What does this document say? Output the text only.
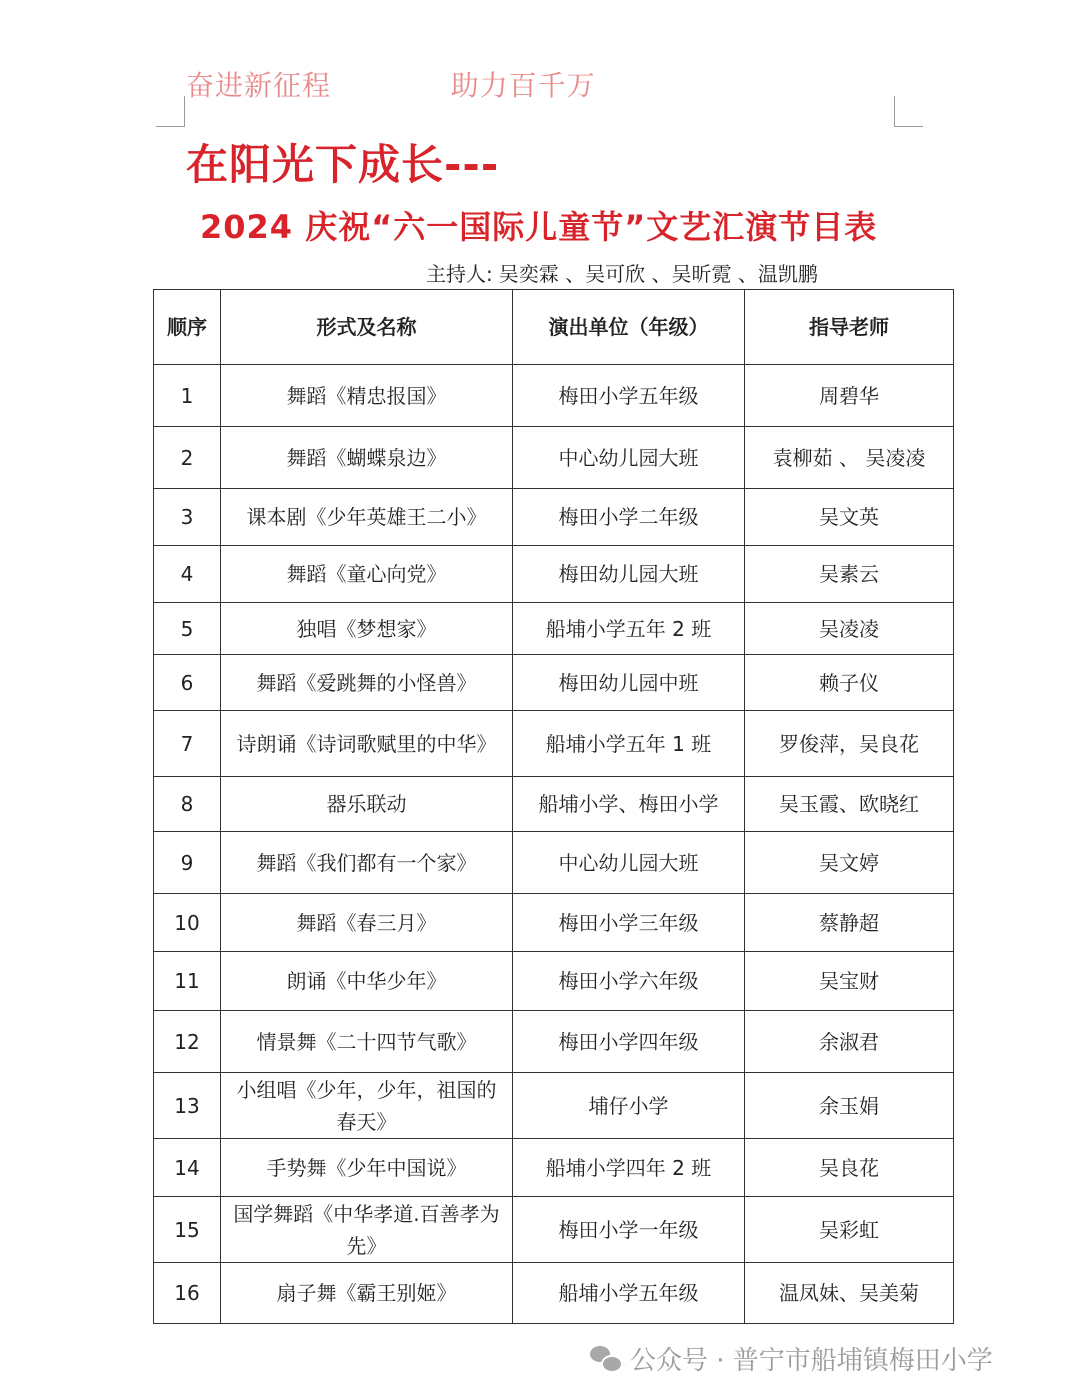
奋进新征程    助力百千万
在阳光下成长---
2024 庆祝“六一国际儿童节”文艺汇演节目表
主持人: 吴奕霖 、吴可欣 、吴昕霓 、温凯鹏
顺序	形式及名称	演出单位（年级）	指导老师
1	舞蹈《精忠报国》	梅田小学五年级	周碧华
2	舞蹈《蝴蝶泉边》	中心幼儿园大班	袁柳茹 、 吴凌凌
3	课本剧《少年英雄王二小》	梅田小学二年级	吴文英
4	舞蹈《童心向党》	梅田幼儿园大班	吴素云
5	独唱《梦想家》	船埔小学五年 2 班	吴凌凌
6	舞蹈《爱跳舞的小怪兽》	梅田幼儿园中班	赖子仪
7	诗朗诵《诗词歌赋里的中华》	船埔小学五年 1 班	罗俊萍，吴良花
8	器乐联动	船埔小学、梅田小学	吴玉霞、欧晓红
9	舞蹈《我们都有一个家》	中心幼儿园大班	吴文婷
10	舞蹈《春三月》	梅田小学三年级	蔡静超
11	朗诵《中华少年》	梅田小学六年级	吴宝财
12	情景舞《二十四节气歌》	梅田小学四年级	余淑君
13	小组唱《少年，少年，祖国的春天》	埔仔小学	余玉娟
14	手势舞《少年中国说》	船埔小学四年 2 班	吴良花
15	国学舞蹈《中华孝道.百善孝为先》	梅田小学一年级	吴彩虹
16	扇子舞《霸王别姬》	船埔小学五年级	温凤妹、吴美菊
公众号 · 普宁市船埔镇梅田小学
